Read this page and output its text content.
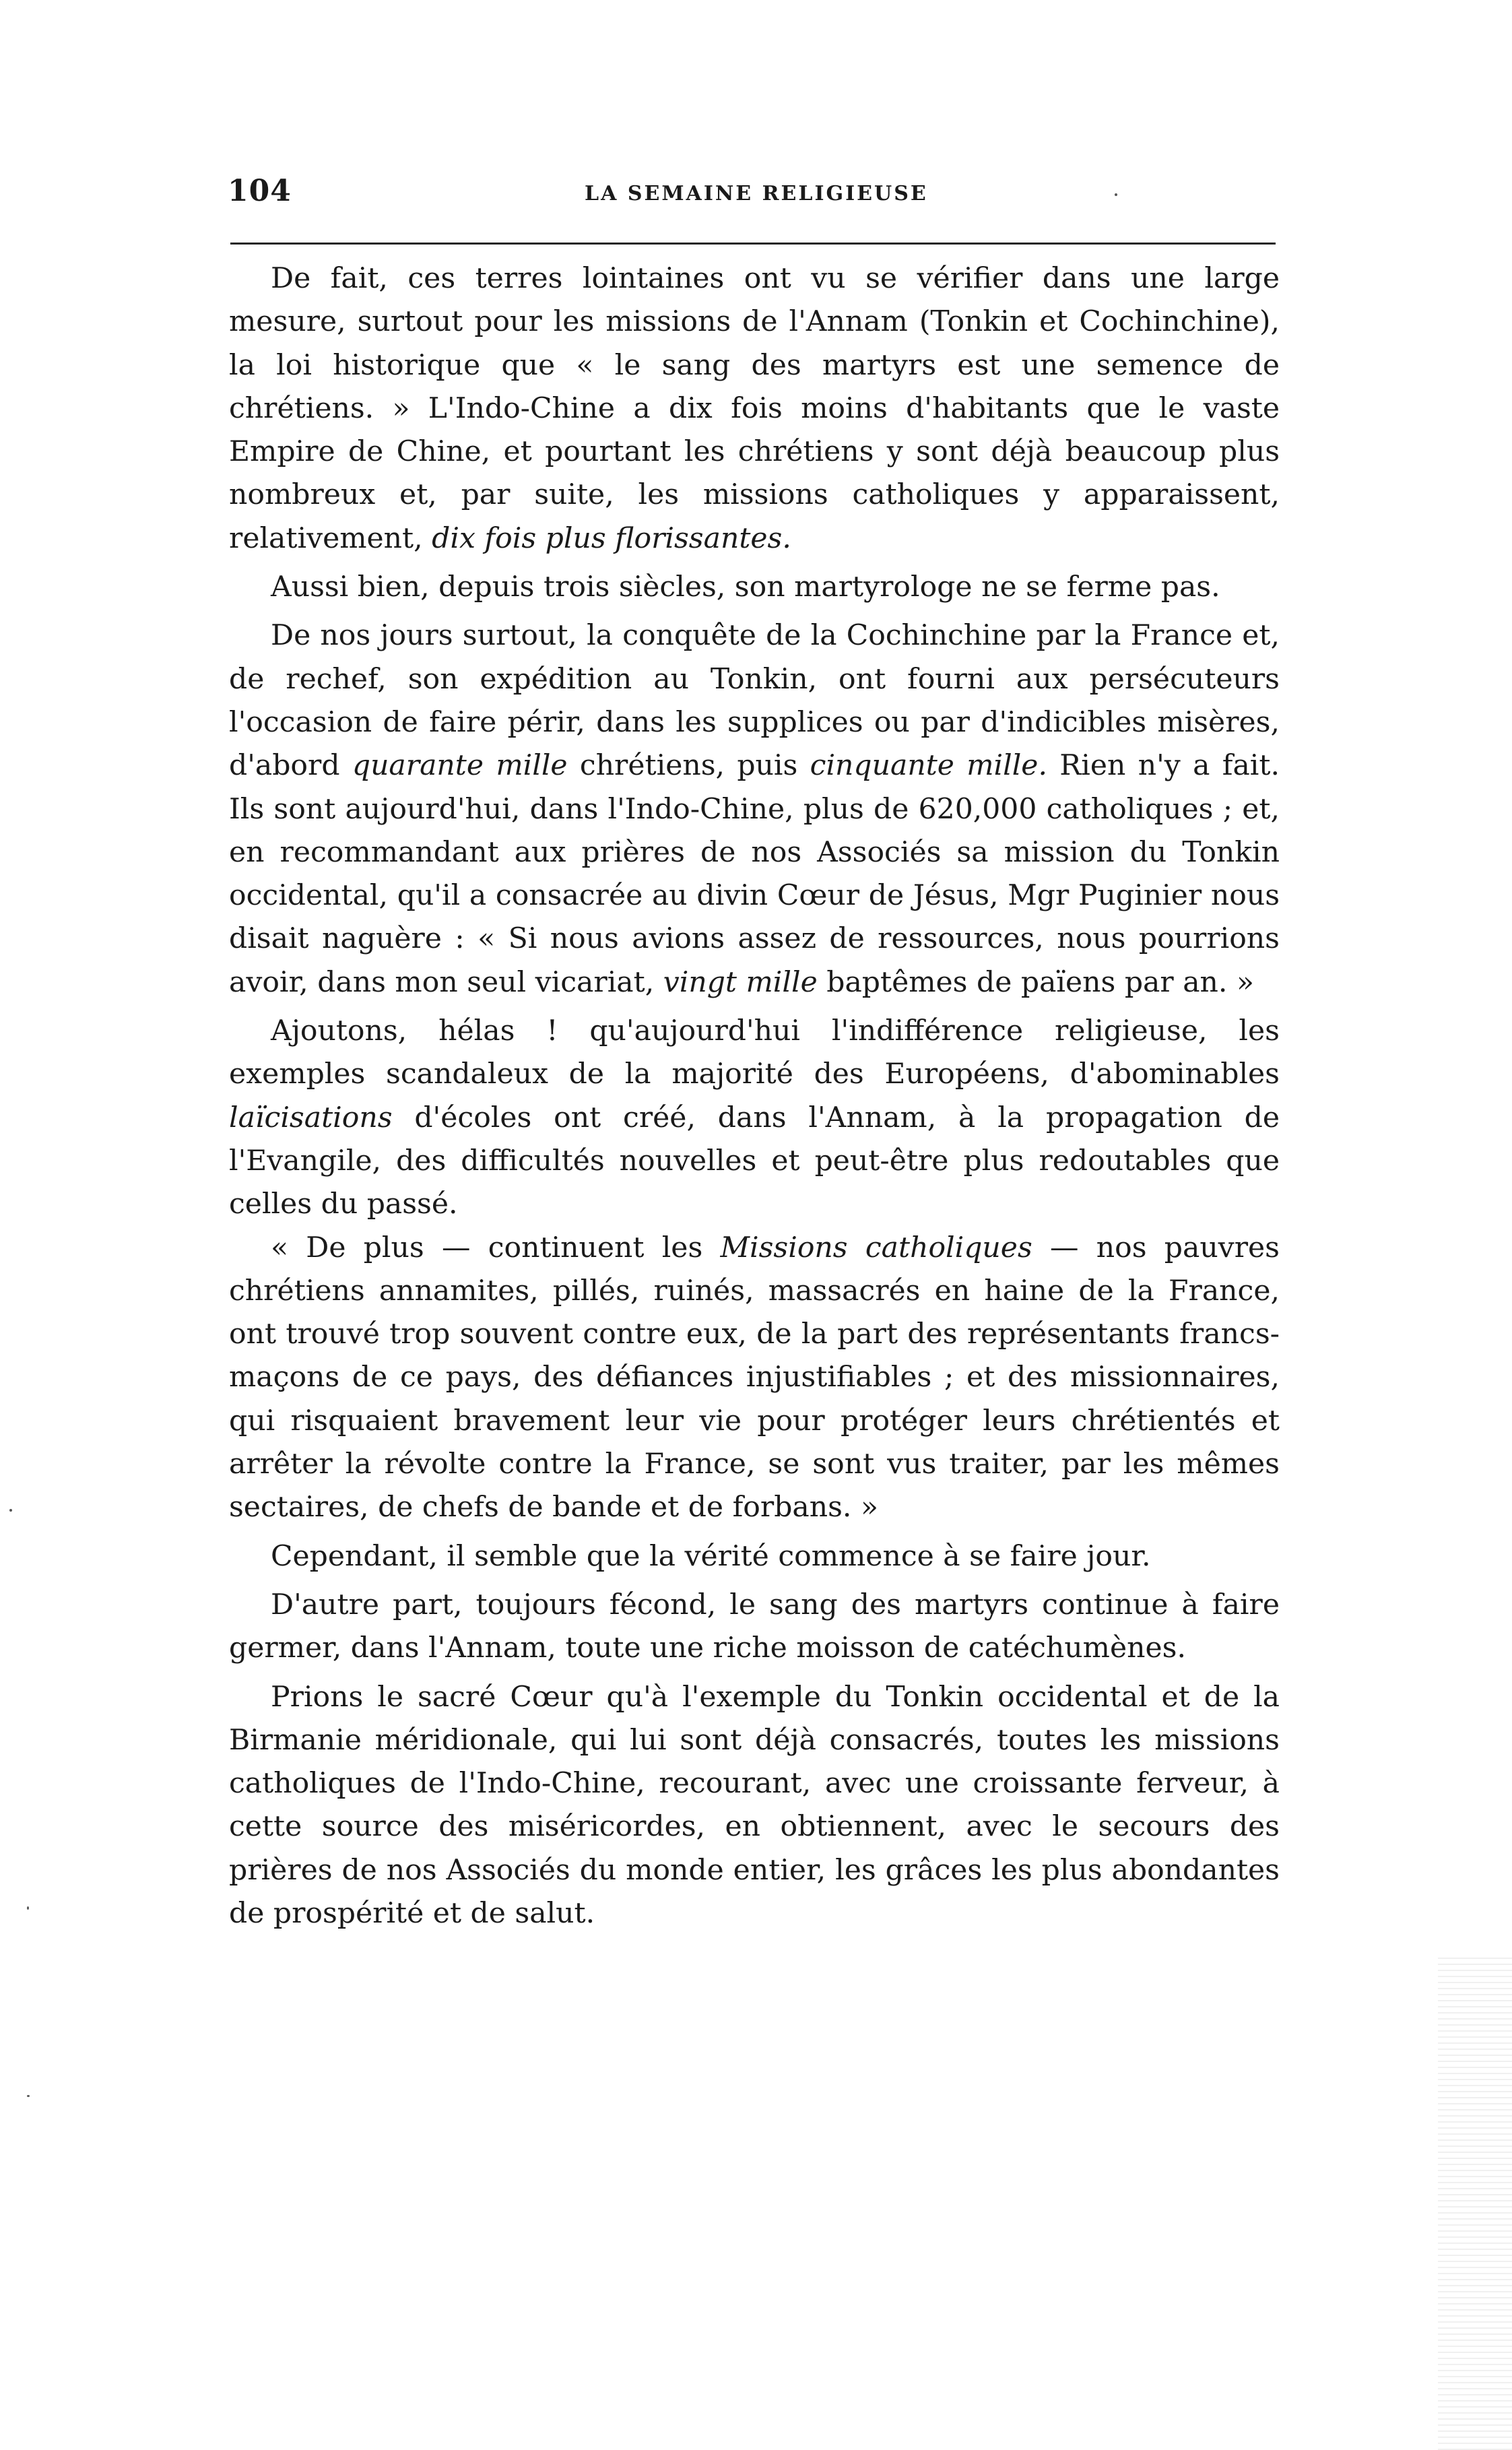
104	LA SEMAINE RELIGIEUSE

De fait, ces terres lointaines ont vu se vérifier dans une large mesure, surtout pour les missions de l'Annam (Tonkin et Cochinchine), la loi historique que « le sang des martyrs est une semence de chrétiens. » L'Indo-Chine a dix fois moins d'habitants que le vaste Empire de Chine, et pourtant les chrétiens y sont déjà beaucoup plus nombreux et, par suite, les missions catholiques y apparaissent, relativement, dix fois plus florissantes.

Aussi bien, depuis trois siècles, son martyrologe ne se ferme pas.

De nos jours surtout, la conquête de la Cochinchine par la France et, de rechef, son expédition au Tonkin, ont fourni aux persécuteurs l'occasion de faire périr, dans les supplices ou par d'indicibles misères, d'abord quarante mille chrétiens, puis cinquante mille. Rien n'y a fait. Ils sont aujourd'hui, dans l'Indo-Chine, plus de 620,000 catholiques ; et, en recommandant aux prières de nos Associés sa mission du Tonkin occidental, qu'il a consacrée au divin Cœur de Jésus, Mgr Puginier nous disait naguère : « Si nous avions assez de ressources, nous pourrions avoir, dans mon seul vicariat, vingt mille baptêmes de païens par an. »

Ajoutons, hélas ! qu'aujourd'hui l'indifférence religieuse, les exemples scandaleux de la majorité des Européens, d'abominables laïcisations d'écoles ont créé, dans l'Annam, à la propagation de l'Evangile, des difficultés nouvelles et peut-être plus redoutables que celles du passé.

« De plus — continuent les Missions catholiques — nos pauvres chrétiens annamites, pillés, ruinés, massacrés en haine de la France, ont trouvé trop souvent contre eux, de la part des représentants francs-maçons de ce pays, des défiances injustifiables ; et des missionnaires, qui risquaient bravement leur vie pour protéger leurs chrétientés et arrêter la révolte contre la France, se sont vus traiter, par les mêmes sectaires, de chefs de bande et de forbans. »

Cependant, il semble que la vérité commence à se faire jour.

D'autre part, toujours fécond, le sang des martyrs continue à faire germer, dans l'Annam, toute une riche moisson de catéchumènes.

Prions le sacré Cœur qu'à l'exemple du Tonkin occidental et de la Birmanie méridionale, qui lui sont déjà consacrés, toutes les missions catholiques de l'Indo-Chine, recourant, avec une croissante ferveur, à cette source des miséricordes, en obtiennent, avec le secours des prières de nos Associés du monde entier, les grâces les plus abondantes de prospérité et de salut.
